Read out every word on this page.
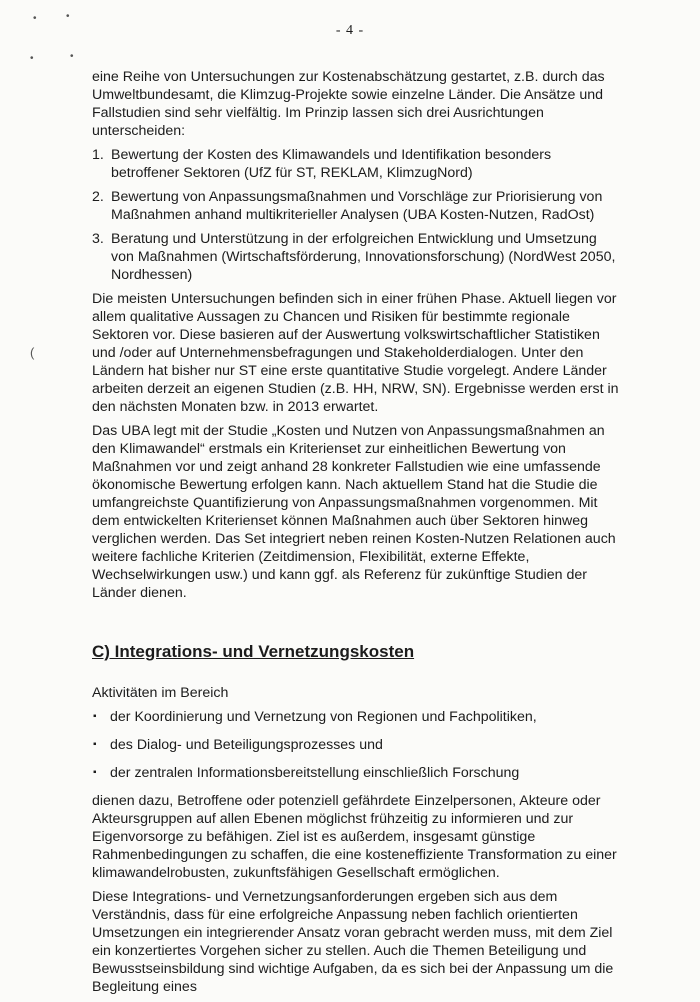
•	•
•	•
(
- 4 -

eine Reihe von Untersuchungen zur Kostenabschätzung gestartet, z.B. durch das Umweltbundesamt, die Klimzug-Projekte sowie einzelne Länder. Die Ansätze und Fallstudien sind sehr vielfältig. Im Prinzip lassen sich drei Ausrichtungen unterscheiden:

1. Bewertung der Kosten des Klimawandels und Identifikation besonders betroffener Sektoren (UfZ für ST, REKLAM, KlimzugNord)
2. Bewertung von Anpassungsmaßnahmen und Vorschläge zur Priorisierung von Maßnahmen anhand multikriterieller Analysen (UBA Kosten-Nutzen, RadOst)
3. Beratung und Unterstützung in der erfolgreichen Entwicklung und Umsetzung von Maßnahmen (Wirtschaftsförderung, Innovationsforschung) (NordWest 2050, Nordhessen)

Die meisten Untersuchungen befinden sich in einer frühen Phase. Aktuell liegen vor allem qualitative Aussagen zu Chancen und Risiken für bestimmte regionale Sektoren vor. Diese basieren auf der Auswertung volkswirtschaftlicher Statistiken und /oder auf Unternehmensbefragungen und Stakeholderdialogen. Unter den Ländern hat bisher nur ST eine erste quantitative Studie vorgelegt. Andere Länder arbeiten derzeit an eigenen Studien (z.B. HH, NRW, SN). Ergebnisse werden erst in den nächsten Monaten bzw. in 2013 erwartet.

Das UBA legt mit der Studie „Kosten und Nutzen von Anpassungsmaßnahmen an den Klimawandel“ erstmals ein Kriterienset zur einheitlichen Bewertung von Maßnahmen vor und zeigt anhand 28 konkreter Fallstudien wie eine umfassende ökonomische Bewertung erfolgen kann. Nach aktuellem Stand hat die Studie die umfangreichste Quantifizierung von Anpassungsmaßnahmen vorgenommen. Mit dem entwickelten Kriterienset können Maßnahmen auch über Sektoren hinweg verglichen werden. Das Set integriert neben reinen Kosten-Nutzen Relationen auch weitere fachliche Kriterien (Zeitdimension, Flexibilität, externe Effekte, Wechselwirkungen usw.) und kann ggf. als Referenz für zukünftige Studien der Länder dienen.

C) Integrations- und Vernetzungskosten

Aktivitäten im Bereich

▪ der Koordinierung und Vernetzung von Regionen und Fachpolitiken,
▪ des Dialog- und Beteiligungsprozesses und
▪ der zentralen Informationsbereitstellung einschließlich Forschung

dienen dazu, Betroffene oder potenziell gefährdete Einzelpersonen, Akteure oder Akteursgruppen auf allen Ebenen möglichst frühzeitig zu informieren und zur Eigenvorsorge zu befähigen. Ziel ist es außerdem, insgesamt günstige Rahmenbedingungen zu schaffen, die eine kosteneffiziente Transformation zu einer klimawandelrobusten, zukunftsfähigen Gesellschaft ermöglichen.

Diese Integrations- und Vernetzungsanforderungen ergeben sich aus dem Verständnis, dass für eine erfolgreiche Anpassung neben fachlich orientierten Umsetzungen ein integrierender Ansatz voran gebracht werden muss, mit dem Ziel ein konzertiertes Vorgehen sicher zu stellen. Auch die Themen Beteiligung und Bewusstseinsbildung sind wichtige Aufgaben, da es sich bei der Anpassung um die Begleitung eines
